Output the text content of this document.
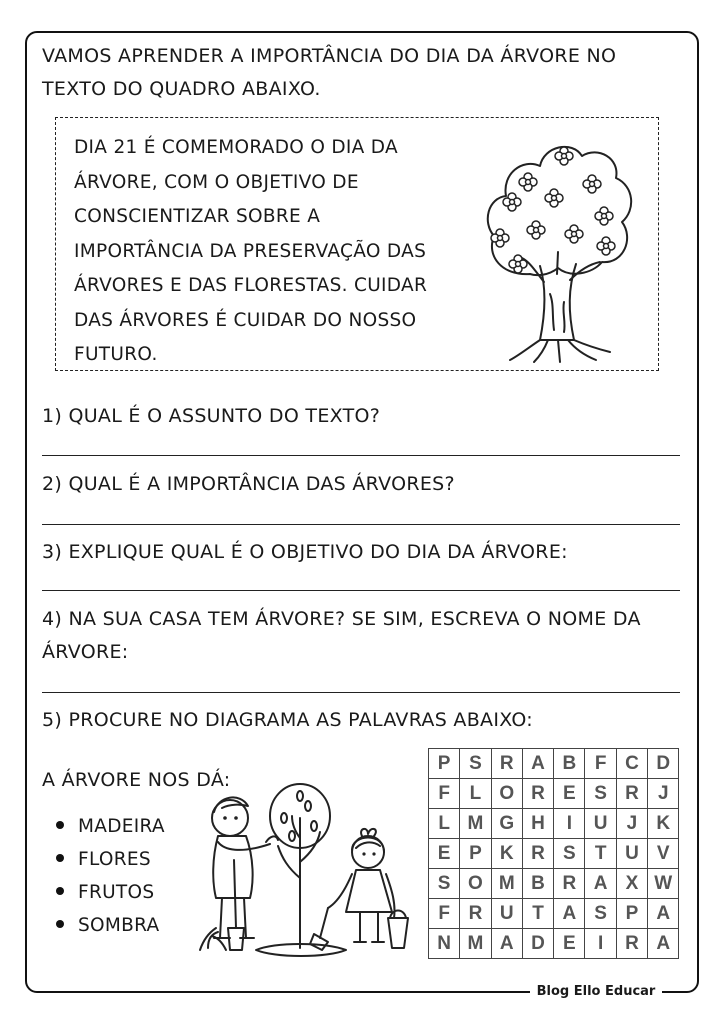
VAMOS APRENDER A IMPORTÂNCIA DO DIA DA ÁRVORE NO
TEXTO DO QUADRO ABAIXO.
DIA 21 É COMEMORADO O DIA DA
ÁRVORE, COM O OBJETIVO DE
CONSCIENTIZAR SOBRE A
IMPORTÂNCIA DA PRESERVAÇÃO DAS
ÁRVORES E DAS FLORESTAS. CUIDAR
DAS ÁRVORES É CUIDAR DO NOSSO
FUTURO.
1) QUAL É O ASSUNTO DO TEXTO?
2) QUAL É A IMPORTÂNCIA DAS ÁRVORES?
3) EXPLIQUE QUAL É O OBJETIVO DO DIA DA ÁRVORE:
4) NA SUA CASA TEM ÁRVORE? SE SIM, ESCREVA O NOME DA
ÁRVORE:
5) PROCURE NO DIAGRAMA AS PALAVRAS ABAIXO:
A ÁRVORE NOS DÁ:
MADEIRA
FLORES
FRUTOS
SOMBRA
P	S	R	A	B	F	C	D
F	L	O	R	E	S	R	J
L	M	G	H	I	U	J	K
E	P	K	R	S	T	U	V
S	O	M	B	R	A	X	W
F	R	U	T	A	S	P	A
N	M	A	D	E	I	R	A
Blog Ello Educar
